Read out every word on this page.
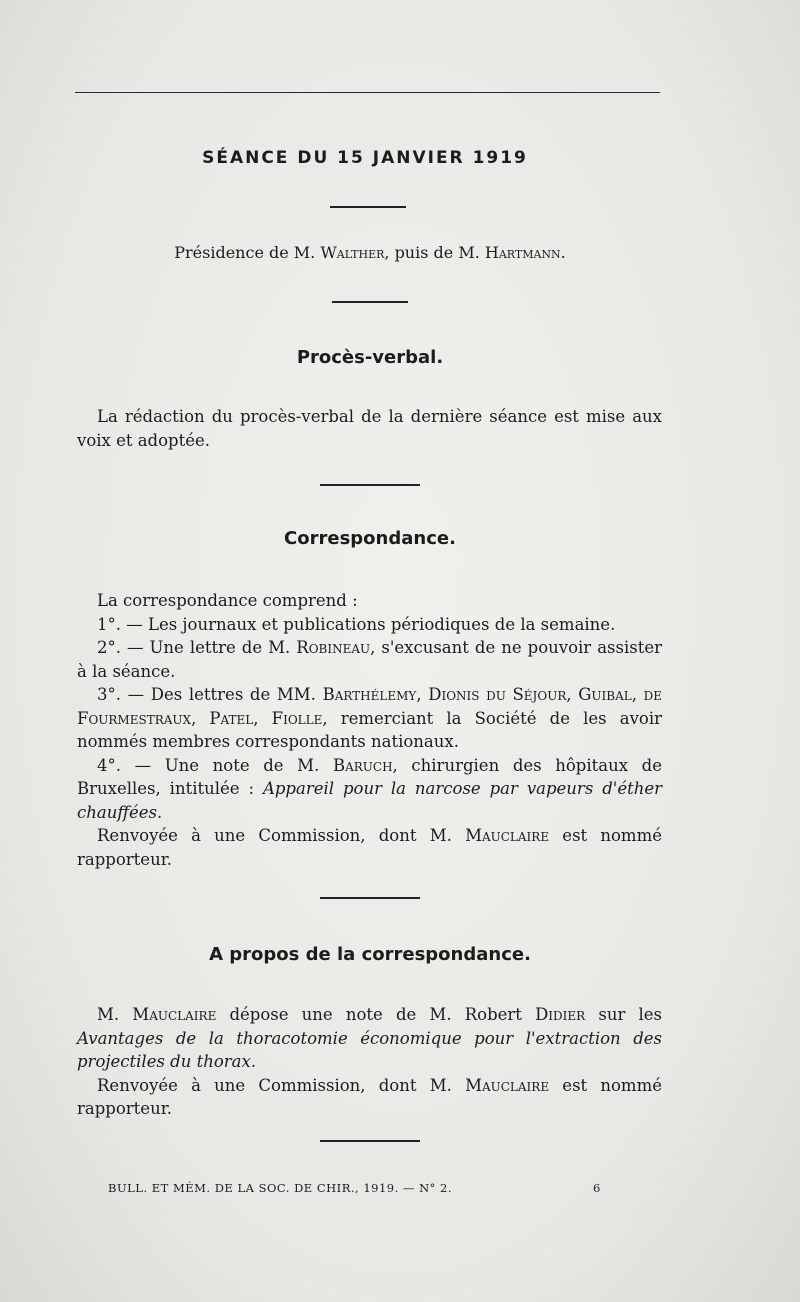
SÉANCE DU 15 JANVIER 1919
Présidence de M. Walther, puis de M. Hartmann.
Procès-verbal.

La rédaction du procès-verbal de la dernière séance est mise aux voix et adoptée.

Correspondance.

La correspondance comprend :

1°. — Les journaux et publications périodiques de la semaine.

2°. — Une lettre de M. Robineau, s'excusant de ne pouvoir assister à la séance.

3°. — Des lettres de MM. Barthélemy, Dionis du Séjour, Guibal, de Fourmestraux, Patel, Fiolle, remerciant la Société de les avoir nommés membres correspondants nationaux.

4°. — Une note de M. Baruch, chirurgien des hôpitaux de Bruxelles, intitulée : Appareil pour la narcose par vapeurs d'éther chauffées.

Renvoyée à une Commission, dont M. Mauclaire est nommé rapporteur.

A propos de la correspondance.

M. Mauclaire dépose une note de M. Robert Didier sur les Avantages de la thoracotomie économique pour l'extraction des projectiles du thorax.

Renvoyée à une Commission, dont M. Mauclaire est nommé rapporteur.

BULL. ET MÉM. DE LA SOC. DE CHIR., 1919. — N° 2.	6
